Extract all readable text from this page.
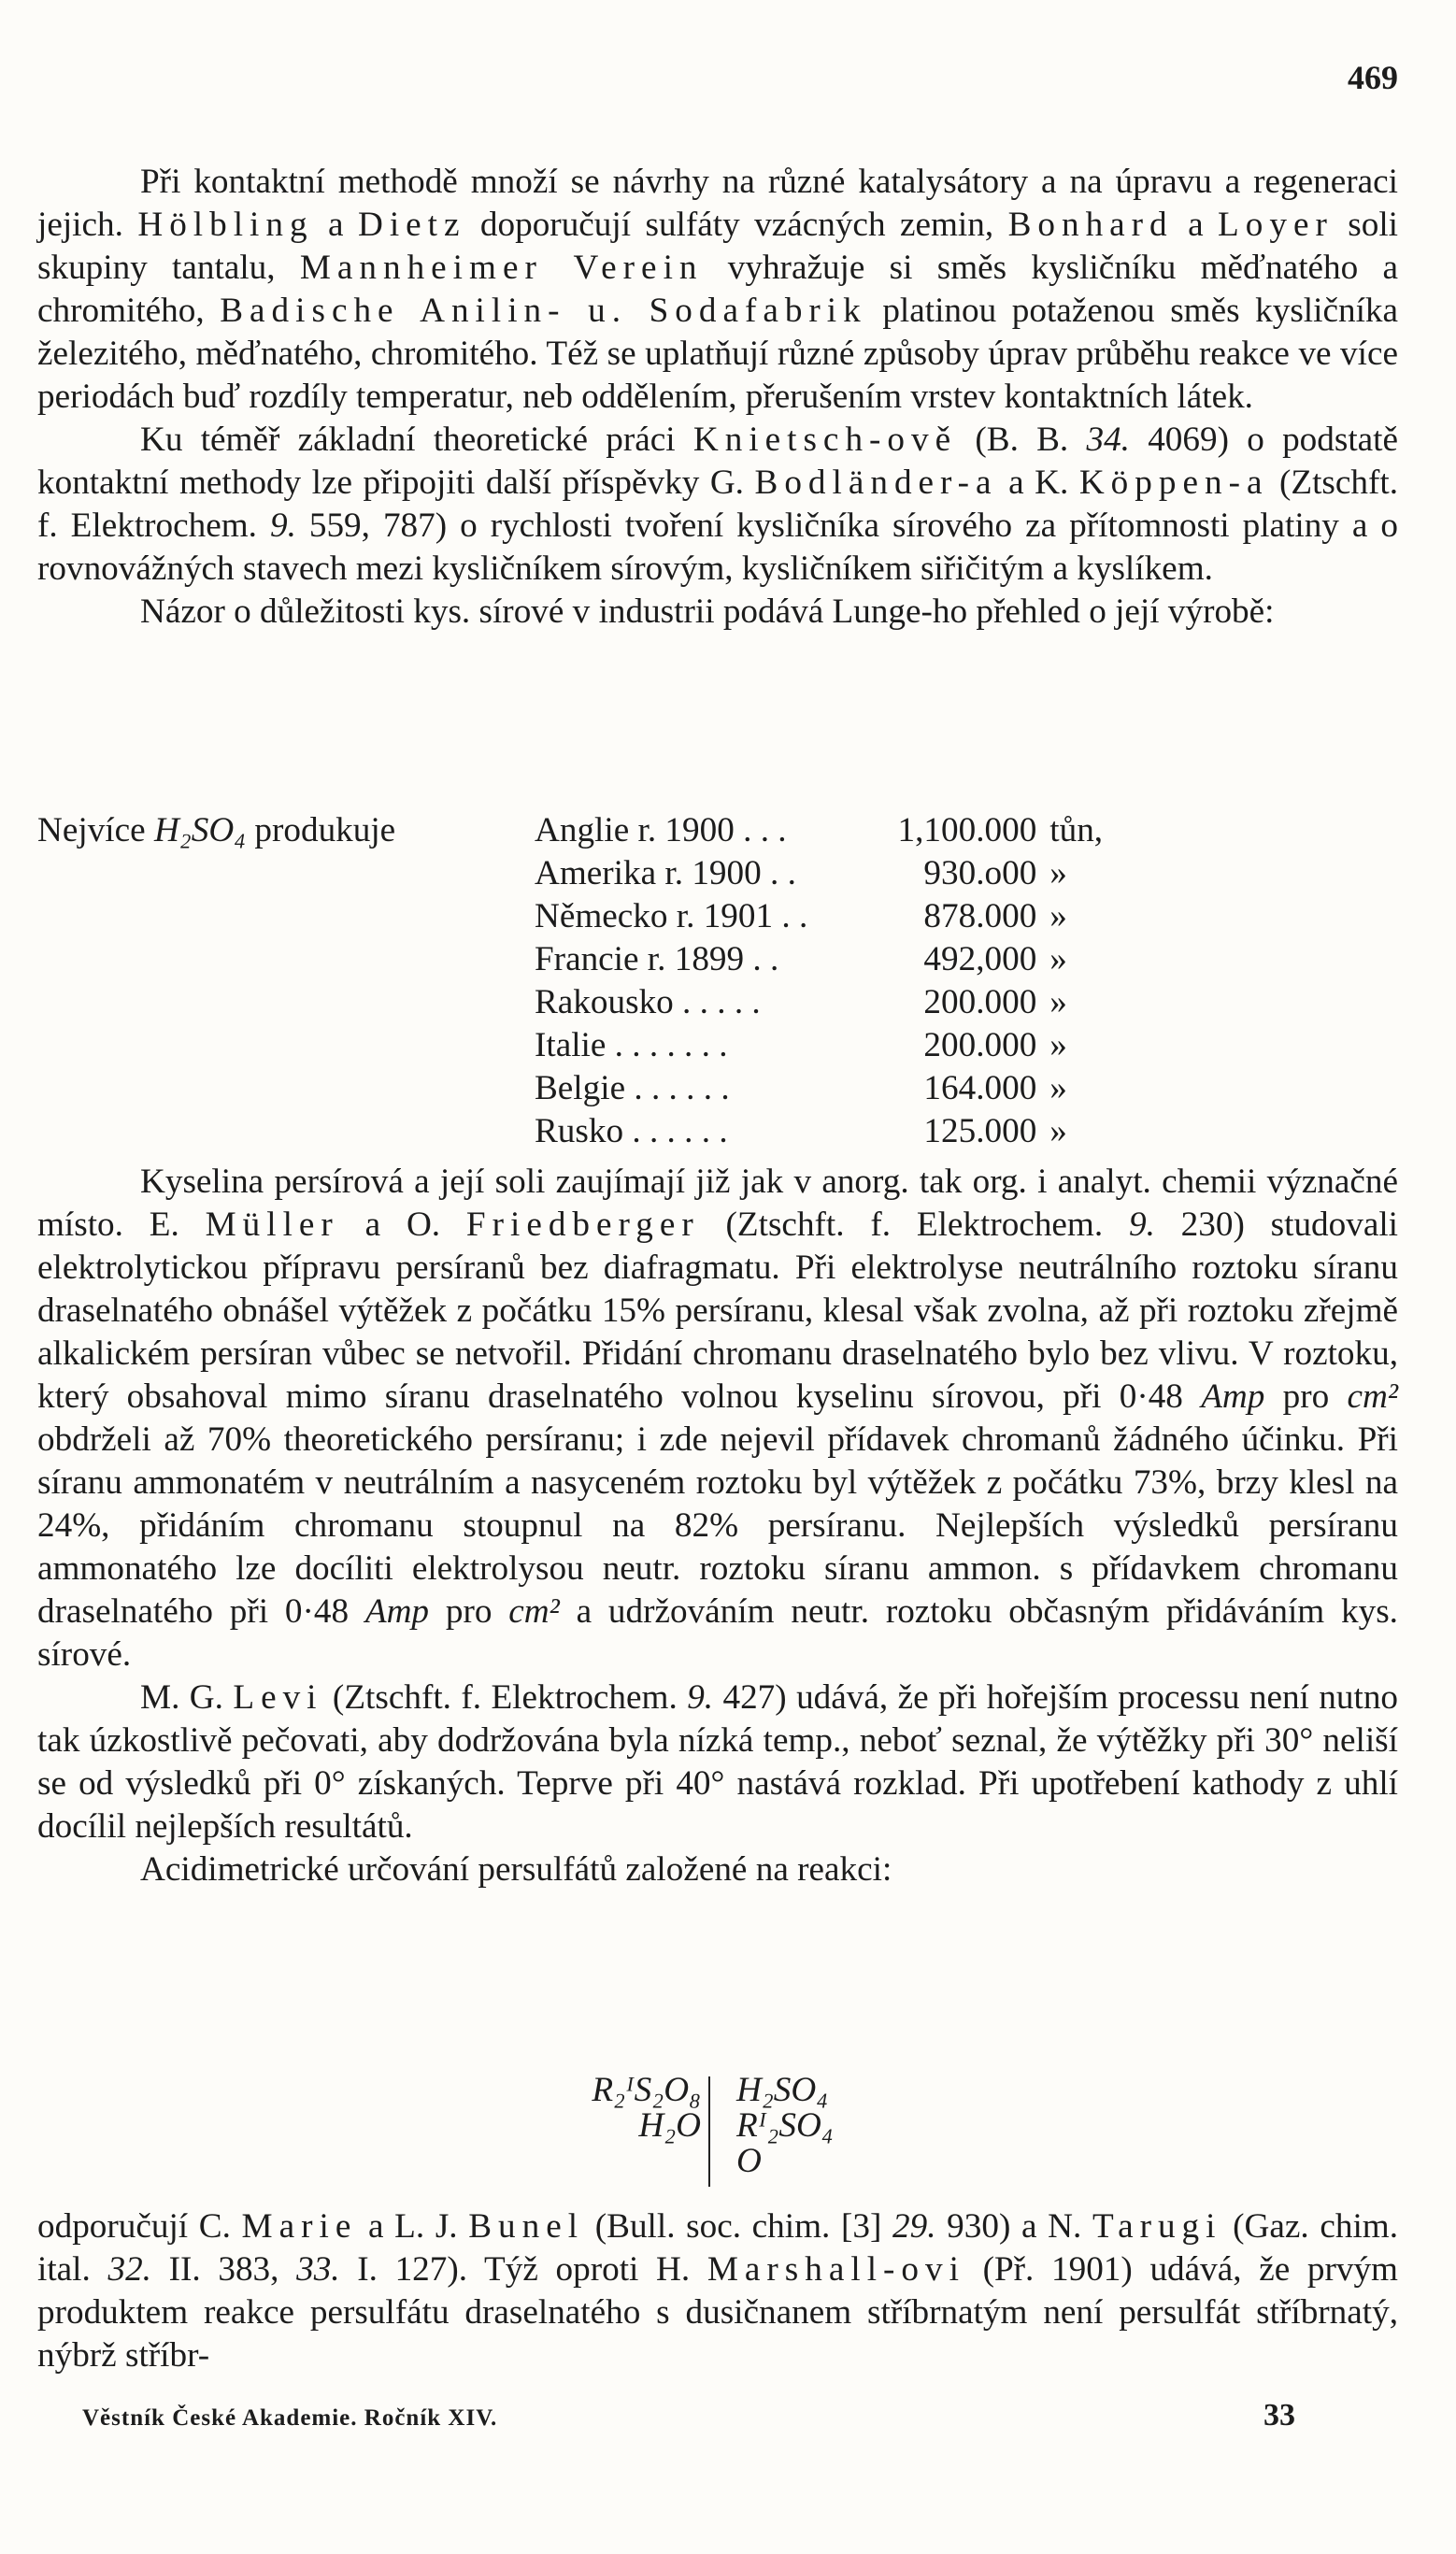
469

Při kontaktní methodě množí se návrhy na různé katalysátory a na úpravu a regeneraci jejich. Hölbling a Dietz doporučují sulfáty vzácných zemin, Bonhard a Loyer soli skupiny tantalu, Mannheimer Verein vyhražuje si směs kysličníku měďnatého a chromitého, Badische Anilin- u. Sodafabrik platinou potaženou směs kysličníka železitého, měďnatého, chromitého. Též se uplatňují různé způsoby úprav průběhu reakce ve více periodách buď rozdíly temperatur, neb oddělením, přerušením vrstev kontaktních látek.

Ku téměř základní theoretické práci Knietsch-ově (B. B. 34. 4069) o podstatě kontaktní methody lze připojiti další příspěvky G. Bodländer-a a K. Köppen-a (Ztschft. f. Elektrochem. 9. 559, 787) o rychlosti tvoření kysličníka sírového za přítomnosti platiny a o rovnovážných stavech mezi kysličníkem sírovým, kysličníkem siřičitým a kyslíkem.

Názor o důležitosti kys. sírové v industrii podává Lunge-ho přehled o její výrobě:

Nejvíce H₂SO₄ produkuje	Anglie r. 1900 . . .	1,100.000	tůn,
Amerika r. 1900 . .	930.o00	»
Německo r. 1901 . .	878.000	»
Francie r. 1899 . .	492,000	»
Rakousko . . . . .	200.000	»
Italie . . . . . . .	200.000	»
Belgie . . . . . .	164.000	»
Rusko . . . . . .	125.000	»

Kyselina persírová a její soli zaujímají již jak v anorg. tak org. i analyt. chemii význačné místo. E. Müller a O. Friedberger (Ztschft. f. Elektrochem. 9. 230) studovali elektrolytickou přípravu persíranů bez diafragmatu. Při elektrolyse neutrálního roztoku síranu draselnatého obnášel výtěžek z počátku 15% persíranu, klesal však zvolna, až při roztoku zřejmě alkalickém persíran vůbec se netvořil. Přidání chromanu draselnatého bylo bez vlivu. V roztoku, který obsahoval mimo síranu draselnatého volnou kyselinu sírovou, při 0·48 Amp pro cm² obdrželi až 70% theoretického persíranu; i zde nejevil přídavek chromanů žádného účinku. Při síranu ammonatém v neutrálním a nasyceném roztoku byl výtěžek z počátku 73%, brzy klesl na 24%, přidáním chromanu stoupnul na 82% persíranu. Nejlepších výsledků persíranu ammonatého lze docíliti elektrolysou neutr. roztoku síranu ammon. s přídavkem chromanu draselnatého při 0·48 Amp pro cm² a udržováním neutr. roztoku občasným přidáváním kys. sírové.

M. G. Levi (Ztschft. f. Elektrochem. 9. 427) udává, že při hořejším processu není nutno tak úzkostlivě pečovati, aby dodržována byla nízká temp., neboť seznal, že výtěžky při 30° neliší se od výsledků při 0° získaných. Teprve při 40° nastává rozklad. Při upotřebení kathody z uhlí docílil nejlepších resultátů.

Acidimetrické určování persulfátů založené na reakci:

R₂ᴵS₂O₈
H₂O
H₂SO₄
Rᴵ₂SO₄
O

odporučují C. Marie a L. J. Bunel (Bull. soc. chim. [3] 29. 930) a N. Tarugi (Gaz. chim. ital. 32. II. 383, 33. I. 127). Týž oproti H. Marshall-ovi (Př. 1901) udává, že prvým produktem reakce persulfátu draselnatého s dusičnanem stříbrnatým není persulfát stříbrnatý, nýbrž stříbr-

Věstník České Akademie. Ročník XIV.	33
